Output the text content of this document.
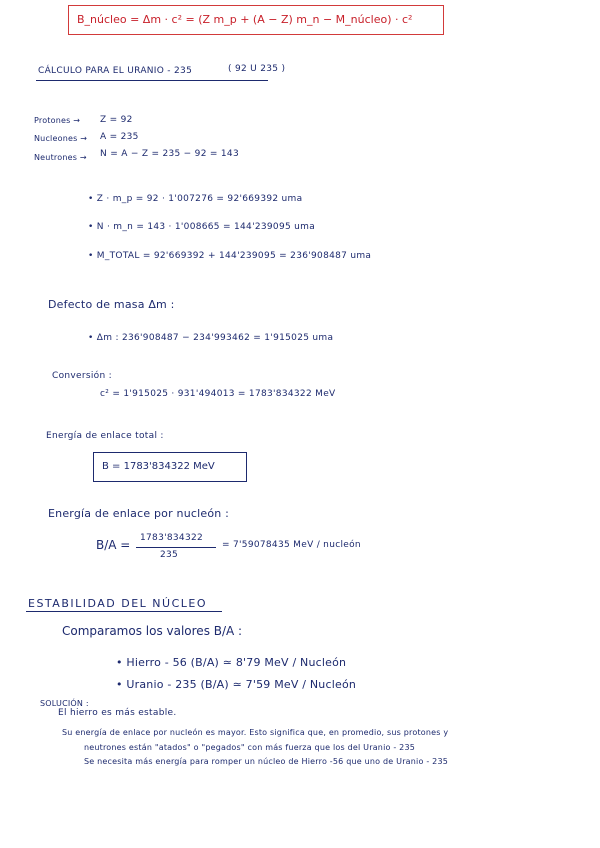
B_núcleo = Δm · c² = (Z m_p + (A − Z) m_n − M_núcleo) · c²
CÁLCULO PARA EL URANIO - 235	( 92 U 235 )
Protones → Z = 92
Nucleones → A = 235
Neutrones → N = A − Z = 235 − 92 = 143
• Z · m_p = 92 · 1'007276 = 92'669392 uma
• N · m_n = 143 · 1'008665 = 144'239095 uma
• M_TOTAL = 92'669392 + 144'239095 = 236'908487 uma
Defecto de masa Δm :
• Δm : 236'908487 − 234'993462 = 1'915025 uma
Conversión :
c² = 1'915025 · 931'494013 = 1783'834322 MeV
Energía de enlace total :
B = 1783'834322 MeV
Energía de enlace por nucleón :
B/A = 1783'834322
235
= 7'59078435 MeV / nucleón
ESTABILIDAD DEL NÚCLEO
Comparamos los valores B/A :
• Hierro - 56 (B/A) ≃ 8'79 MeV / Nucleón
• Uranio - 235 (B/A) ≃ 7'59 MeV / Nucleón
SOLUCIÓN :
El hierro es más estable.
Su energía de enlace por nucleón es mayor. Esto significa que, en promedio, sus protones y
neutrones están "atados" o "pegados" con más fuerza que los del Uranio - 235
Se necesita más energía para romper un núcleo de Hierro -56 que uno de Uranio - 235
